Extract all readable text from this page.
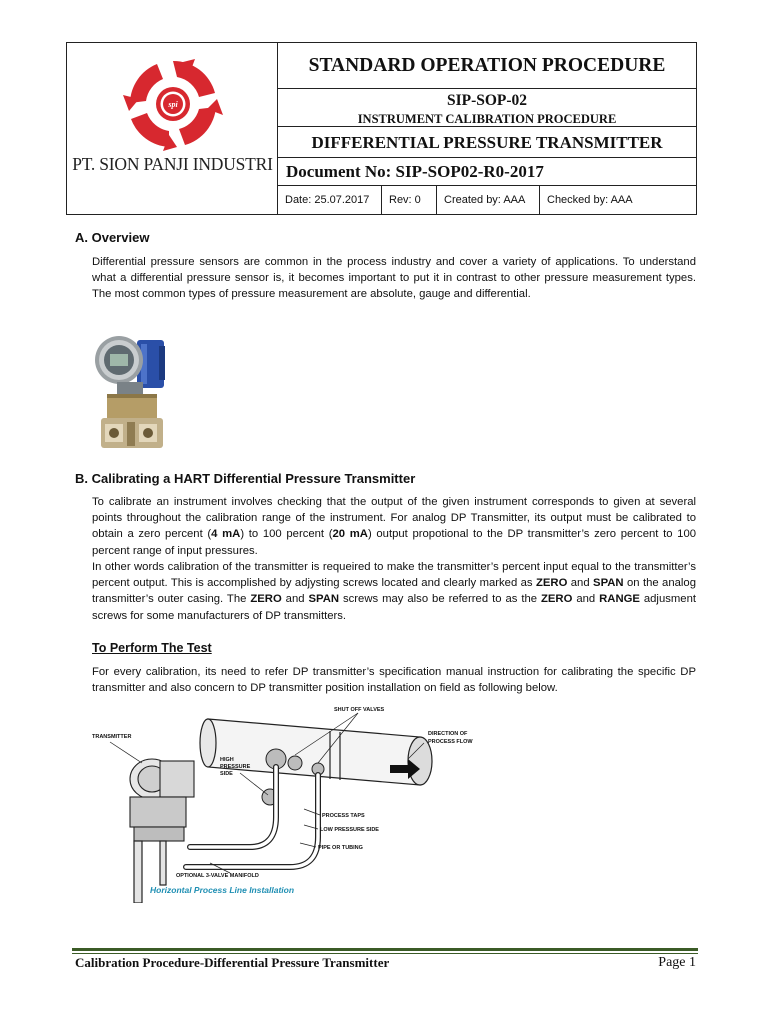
spi
PT. SION PANJI INDUSTRI
STANDARD OPERATION PROCEDURE
SIP-SOP-02
INSTRUMENT CALIBRATION PROCEDURE
DIFFERENTIAL PRESSURE TRANSMITTER
Document No: SIP-SOP02-R0-2017
Date: 25.07.2017	Rev: 0	Created by: AAA	Checked by: AAA
A. Overview

Differential pressure sensors are common in the process industry and cover a variety of applications. To understand what a differential pressure sensor is, it becomes important to put it in contrast to other pressure measurement types. The most common types of pressure measurement are absolute, gauge and differential.

B. Calibrating a HART Differential Pressure Transmitter

To calibrate an instrument involves checking that the output of the given instrument corresponds to given at several points throughout the calibration range of the instrument. For analog DP Transmitter, its output must be calibrated to obtain a zero percent (4 mA) to 100 percent (20 mA) output propotional to the DP transmitter’s zero percent to 100 percent range of input pressures.

In other words calibration of the transmitter is requeired to make the transmitter’s percent input equal to the transmitter’s percent output. This is accomplished by adjysting screws located and clearly marked as ZERO and SPAN on the analog transmitter’s outer casing. The ZERO and SPAN screws may also be referred to as the ZERO and RANGE adjusment screws for some manufacturers of DP transmitters.

To Perform The Test

For every calibration, its need to refer DP transmitter’s specification manual instruction for calibrating the specific DP transmitter and also concern to DP transmitter position installation on field as following below.

TRANSMITTER
SHUT OFF VALVES
DIRECTION OF
PROCESS FLOW
HIGH
PRESSURE
SIDE
PROCESS TAPS
LOW PRESSURE SIDE
PIPE OR TUBING
OPTIONAL 3-VALVE MANIFOLD
Horizontal Process Line Installation
Calibration Procedure-Differential Pressure Transmitter	Page 1
